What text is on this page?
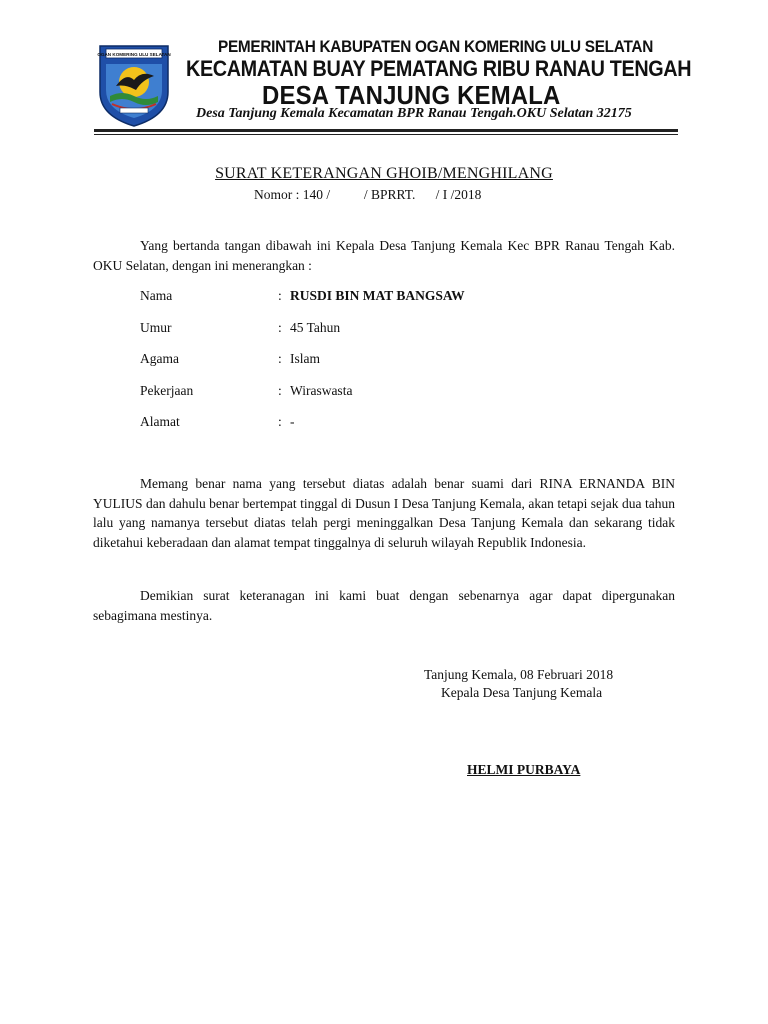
OGAN KOMERING ULU SELATAN	PEMERINTAH KABUPATEN OGAN KOMERING ULU SELATAN
KECAMATAN BUAY PEMATANG RIBU RANAU TENGAH
DESA TANJUNG KEMALA
Desa Tanjung Kemala Kecamatan BPR Ranau Tengah.OKU Selatan 32175
SURAT KETERANGAN GHOIB/MENGHILANG
Nomor : 140 /          / BPRRT.      / I /2018

Yang bertanda tangan dibawah ini Kepala Desa Tanjung Kemala Kec BPR Ranau Tengah Kab. OKU Selatan, dengan ini menerangkan :

Nama	: RUSDI BIN MAT BANGSAW
Umur	: 45 Tahun
Agama	: Islam
Pekerjaan	: Wiraswasta
Alamat	: -

Memang benar nama yang tersebut diatas adalah benar suami dari RINA ERNANDA BIN YULIUS dan dahulu benar bertempat tinggal di Dusun I Desa Tanjung Kemala, akan tetapi sejak dua tahun lalu yang namanya tersebut diatas telah pergi meninggalkan Desa Tanjung Kemala dan sekarang tidak diketahui keberadaan dan alamat tempat tinggalnya di seluruh wilayah Republik Indonesia.

Demikian surat keteranagan ini kami buat dengan sebenarnya agar dapat dipergunakan sebagimana mestinya.

Tanjung Kemala, 08 Februari 2018
Kepala Desa Tanjung Kemala
HELMI PURBAYA
